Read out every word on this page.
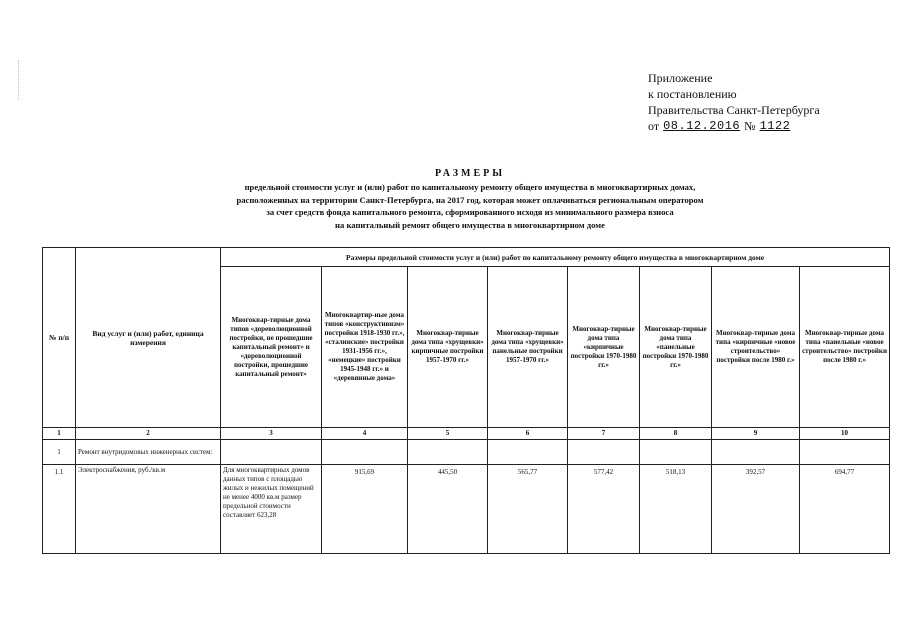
Приложение
к постановлению
Правительства Санкт-Петербурга
от 08.12.2016 № 1122
РАЗМЕРЫ
предельной стоимости услуг и (или) работ по капитальному ремонту общего имущества в многоквартирных домах,
расположенных на территории Санкт-Петербурга, на 2017 год, которая может оплачиваться региональным оператором
за счет средств фонда капитального ремонта, сформированного исходя из минимального размера взноса
на капитальный ремонт общего имущества в многоквартирном доме
№ п/п	Вид услуг и (или) работ, единица измерения	Размеры предельной стоимости услуг и (или) работ по капитальному ремонту общего имущества в многоквартирном доме							
		Многоквар-тирные дома типов «дореволюционной постройки, не прошедшие капитальный ремонт» и «дореволюционной постройки, прошедшие капитальный ремонт»	Многоквартир-ные дома типов «конструктивизм» постройки 1918-1930 гг.», «сталинские» постройки 1931-1956 гг.», «немецкие» постройки 1945-1948 гг.» и «деревянные дома»	Многоквар-тирные дома типа «хрущевки» кирпичные постройки 1957-1970 гг.»	Многоквар-тирные дома типа «хрущевки» панельные постройки 1957-1970 гг.»	Многоквар-тирные дома типа «кирпичные постройки 1970-1980 гг.»	Многоквар-тирные дома типа «панельные постройки 1970-1980 гг.»	Многоквар-тирные дома типа «кирпичные «новое строительство» постройки после 1980 г.»	Многоквар-тирные дома типа «панельные «новое строительство» постройки после 1980 г.»
1	2	3	4	5	6	7	8	9	10
1	Ремонт внутридомовых инженерных систем:								
1.1	Электроснабжения, руб./кв.м	Для многоквартирных домов данных типов с площадью жилых и нежилых помещений не менее 4000 кв.м размер предельной стоимости составляет 623,28	915,69	445,50	565,77	577,42	518,13	392,57	694,77
